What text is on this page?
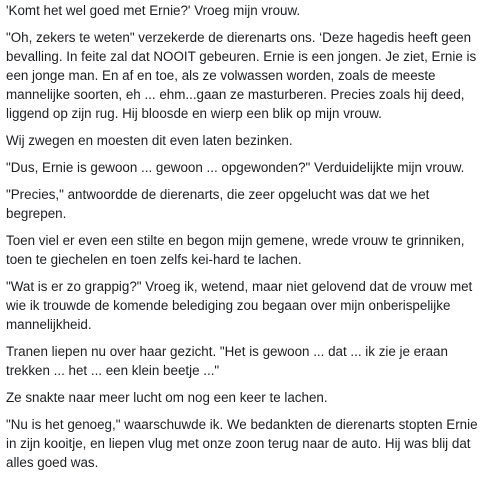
'Komt het wel goed met Ernie?' Vroeg mijn vrouw.

"Oh, zekers te weten" verzekerde de dierenarts ons. ‘Deze hagedis heeft geen bevalling. In feite zal dat NOOIT gebeuren. Ernie is een jongen. Je ziet, Ernie is een jonge man. En af en toe, als ze volwassen worden, zoals de meeste mannelijke soorten, eh ... ehm...gaan ze masturberen. Precies zoals hij deed, liggend op zijn rug. Hij bloosde en wierp een blik op mijn vrouw.

Wij zwegen en moesten dit even laten bezinken.

"Dus, Ernie is gewoon ... gewoon ... opgewonden?" Verduidelijkte mijn vrouw.

"Precies," antwoordde de dierenarts, die zeer opgelucht was dat we het begrepen.

Toen viel er even een stilte en begon mijn gemene, wrede vrouw te grinniken, toen te giechelen en toen zelfs kei-hard te lachen.

"Wat is er zo grappig?" Vroeg ik, wetend, maar niet gelovend dat de vrouw met wie ik trouwde de komende belediging zou begaan over mijn onberispelijke mannelijkheid.

Tranen liepen nu over haar gezicht. "Het is gewoon ... dat ... ik zie je eraan trekken ... het ... een klein beetje ..."

Ze snakte naar meer lucht om nog een keer te lachen.

"Nu is het genoeg," waarschuwde ik. We bedankten de dierenarts stopten Ernie in zijn kooitje, en liepen vlug met onze zoon terug naar de auto. Hij was blij dat alles goed was.
